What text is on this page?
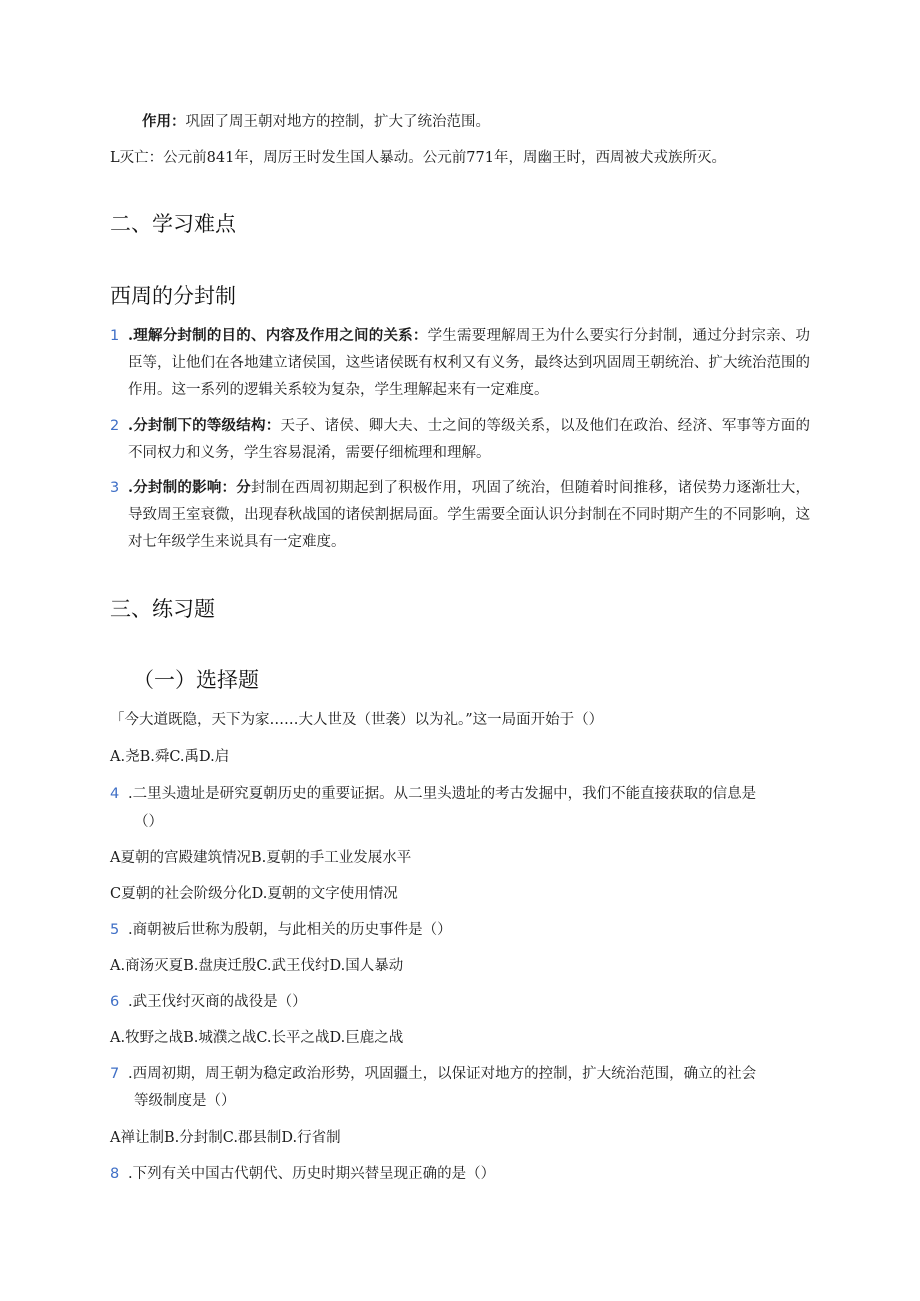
作用：巩固了周王朝对地方的控制，扩大了统治范围。
L灭亡：公元前841年，周厉王时发生国人暴动。公元前771年，周幽王时，西周被犬戎族所灭。
二、学习难点
西周的分封制
1 .理解分封制的目的、内容及作用之间的关系：学生需要理解周王为什么要实行分封制，通过分封宗亲、功臣等，让他们在各地建立诸侯国，这些诸侯既有权利又有义务，最终达到巩固周王朝统治、扩大统治范围的作用。这一系列的逻辑关系较为复杂，学生理解起来有一定难度。
2 .分封制下的等级结构：天子、诸侯、卿大夫、士之间的等级关系，以及他们在政治、经济、军事等方面的不同权力和义务，学生容易混淆，需要仔细梳理和理解。
3 .分封制的影响：分封制在西周初期起到了积极作用，巩固了统治，但随着时间推移，诸侯势力逐渐壮大，导致周王室衰微，出现春秋战国的诸侯割据局面。学生需要全面认识分封制在不同时期产生的不同影响，这对七年级学生来说具有一定难度。
三、练习题
（一）选择题
「今大道既隐，天下为家……大人世及（世袭）以为礼。”这一局面开始于（）
A.尧B.舜C.禹D.启
4 .二里头遗址是研究夏朝历史的重要证据。从二里头遗址的考古发掘中，我们不能直接获取的信息是
（）
A夏朝的宫殿建筑情况B.夏朝的手工业发展水平
C夏朝的社会阶级分化D.夏朝的文字使用情况
5 .商朝被后世称为殷朝，与此相关的历史事件是（）
A.商汤灭夏B.盘庚迁殷C.武王伐纣D.国人暴动
6 .武王伐纣灭商的战役是（）
A.牧野之战B.城濮之战C.长平之战D.巨鹿之战
7 .西周初期，周王朝为稳定政治形势，巩固疆土，以保证对地方的控制，扩大统治范围，确立的社会
等级制度是（）
A禅让制B.分封制C.郡县制D.行省制
8 .下列有关中国古代朝代、历史时期兴替呈现正确的是（）
